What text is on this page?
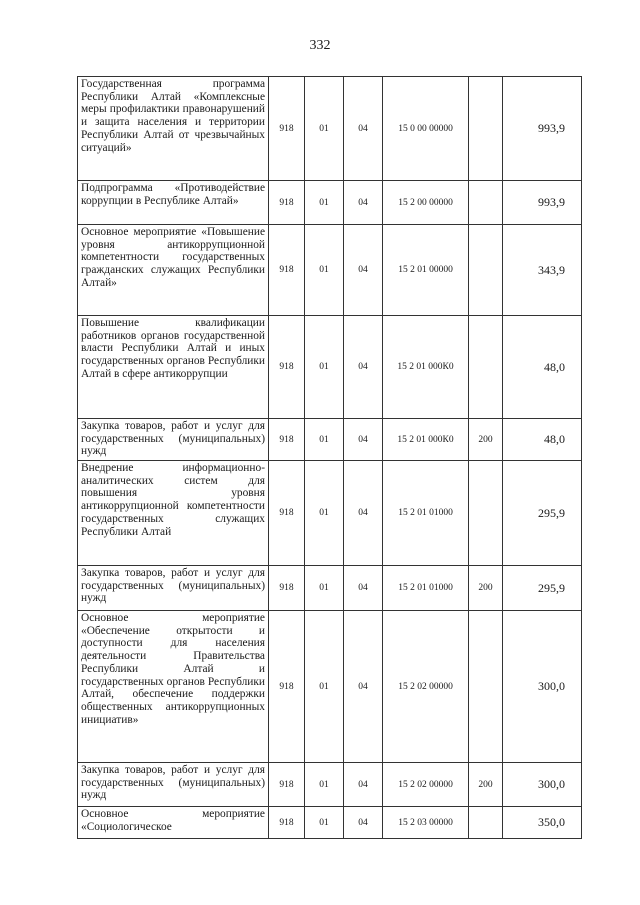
332
Государственная программа Республики Алтай «Комплексные меры профилактики правонарушений и защита населения и территории Республики Алтай от чрезвычайных ситуаций»	918	01	04	15 0 00 00000		993,9
Подпрограмма «Противодействие коррупции в Республике Алтай»	918	01	04	15 2 00 00000		993,9
Основное мероприятие «Повышение уровня антикоррупционной компетентности государственных гражданских служащих Республики Алтай»	918	01	04	15 2 01 00000		343,9
Повышение квалификации работников органов государственной власти Республики Алтай и иных государственных органов Республики Алтай в сфере антикоррупции	918	01	04	15 2 01 000К0		48,0
Закупка товаров, работ и услуг для государственных (муниципальных) нужд	918	01	04	15 2 01 000К0	200	48,0
Внедрение информационно-аналитических систем для повышения уровня антикоррупционной компетентности государственных служащих Республики Алтай	918	01	04	15 2 01 01000		295,9
Закупка товаров, работ и услуг для государственных (муниципальных) нужд	918	01	04	15 2 01 01000	200	295,9
Основное мероприятие «Обеспечение открытости и доступности для населения деятельности Правительства Республики Алтай и государственных органов Республики Алтай, обеспечение поддержки общественных антикоррупционных инициатив»	918	01	04	15 2 02 00000		300,0
Закупка товаров, работ и услуг для государственных (муниципальных) нужд	918	01	04	15 2 02 00000	200	300,0
Основное мероприятие «Социологическое	918	01	04	15 2 03 00000		350,0
